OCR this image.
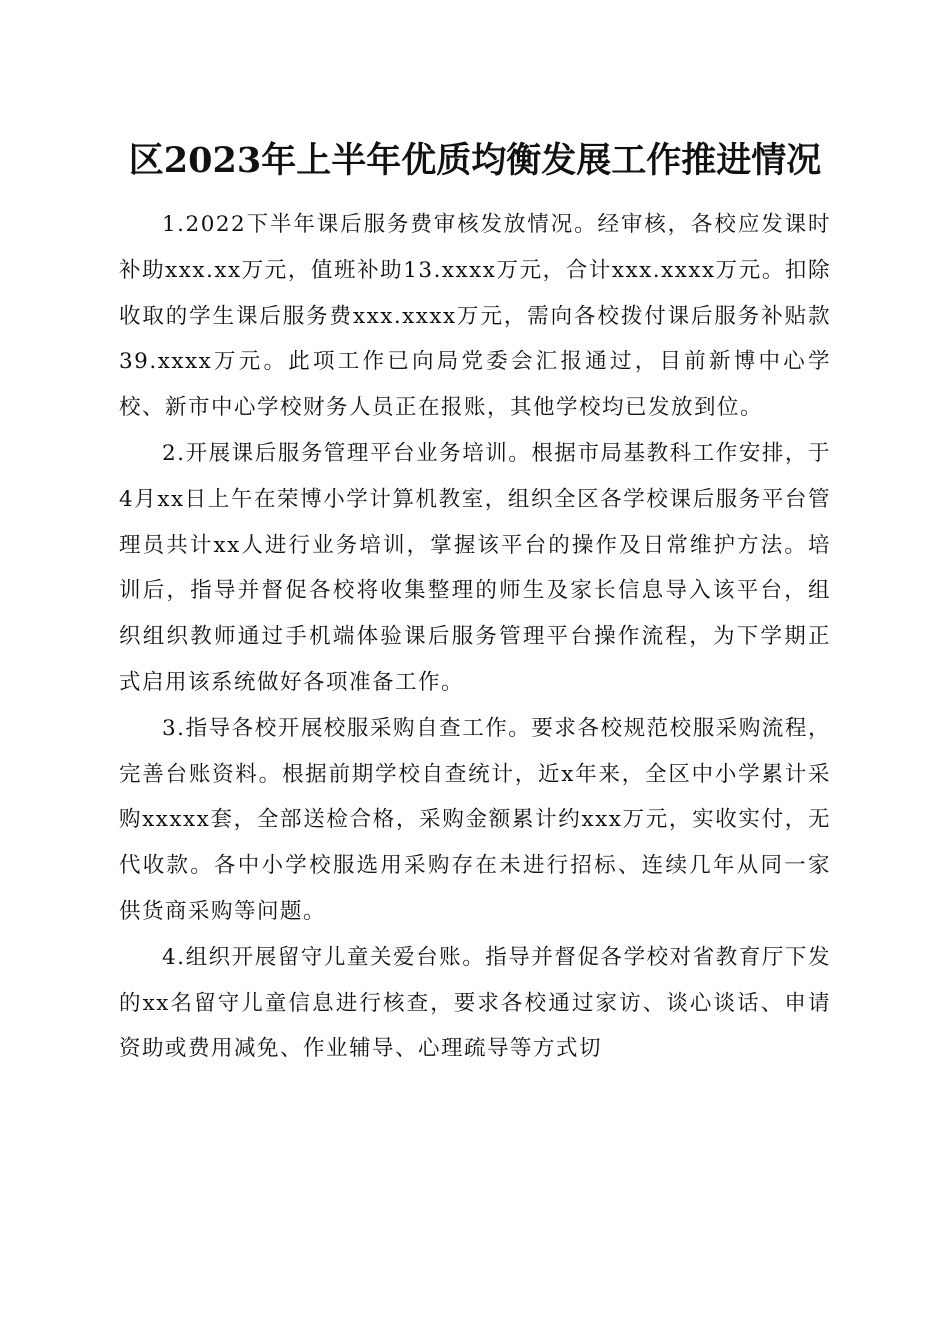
区2023年上半年优质均衡发展工作推进情况

1.2022下半年课后服务费审核发放情况。经审核，各校应发课时补助xxx.xx万元，值班补助13.xxxx万元，合计xxx.xxxx万元。扣除收取的学生课后服务费xxx.xxxx万元，需向各校拨付课后服务补贴款39.xxxx万元。此项工作已向局党委会汇报通过，目前新博中心学校、新市中心学校财务人员正在报账，其他学校均已发放到位。

2.开展课后服务管理平台业务培训。根据市局基教科工作安排，于4月xx日上午在荣博小学计算机教室，组织全区各学校课后服务平台管理员共计xx人进行业务培训，掌握该平台的操作及日常维护方法。培训后，指导并督促各校将收集整理的师生及家长信息导入该平台，组织组织教师通过手机端体验课后服务管理平台操作流程，为下学期正式启用该系统做好各项准备工作。

3.指导各校开展校服采购自查工作。要求各校规范校服采购流程，完善台账资料。根据前期学校自查统计，近x年来，全区中小学累计采购xxxxx套，全部送检合格，采购金额累计约xxx万元，实收实付，无代收款。各中小学校服选用采购存在未进行招标、连续几年从同一家供货商采购等问题。

4.组织开展留守儿童关爱台账。指导并督促各学校对省教育厅下发的xx名留守儿童信息进行核查，要求各校通过家访、谈心谈话、申请资助或费用减免、作业辅导、心理疏导等方式切
